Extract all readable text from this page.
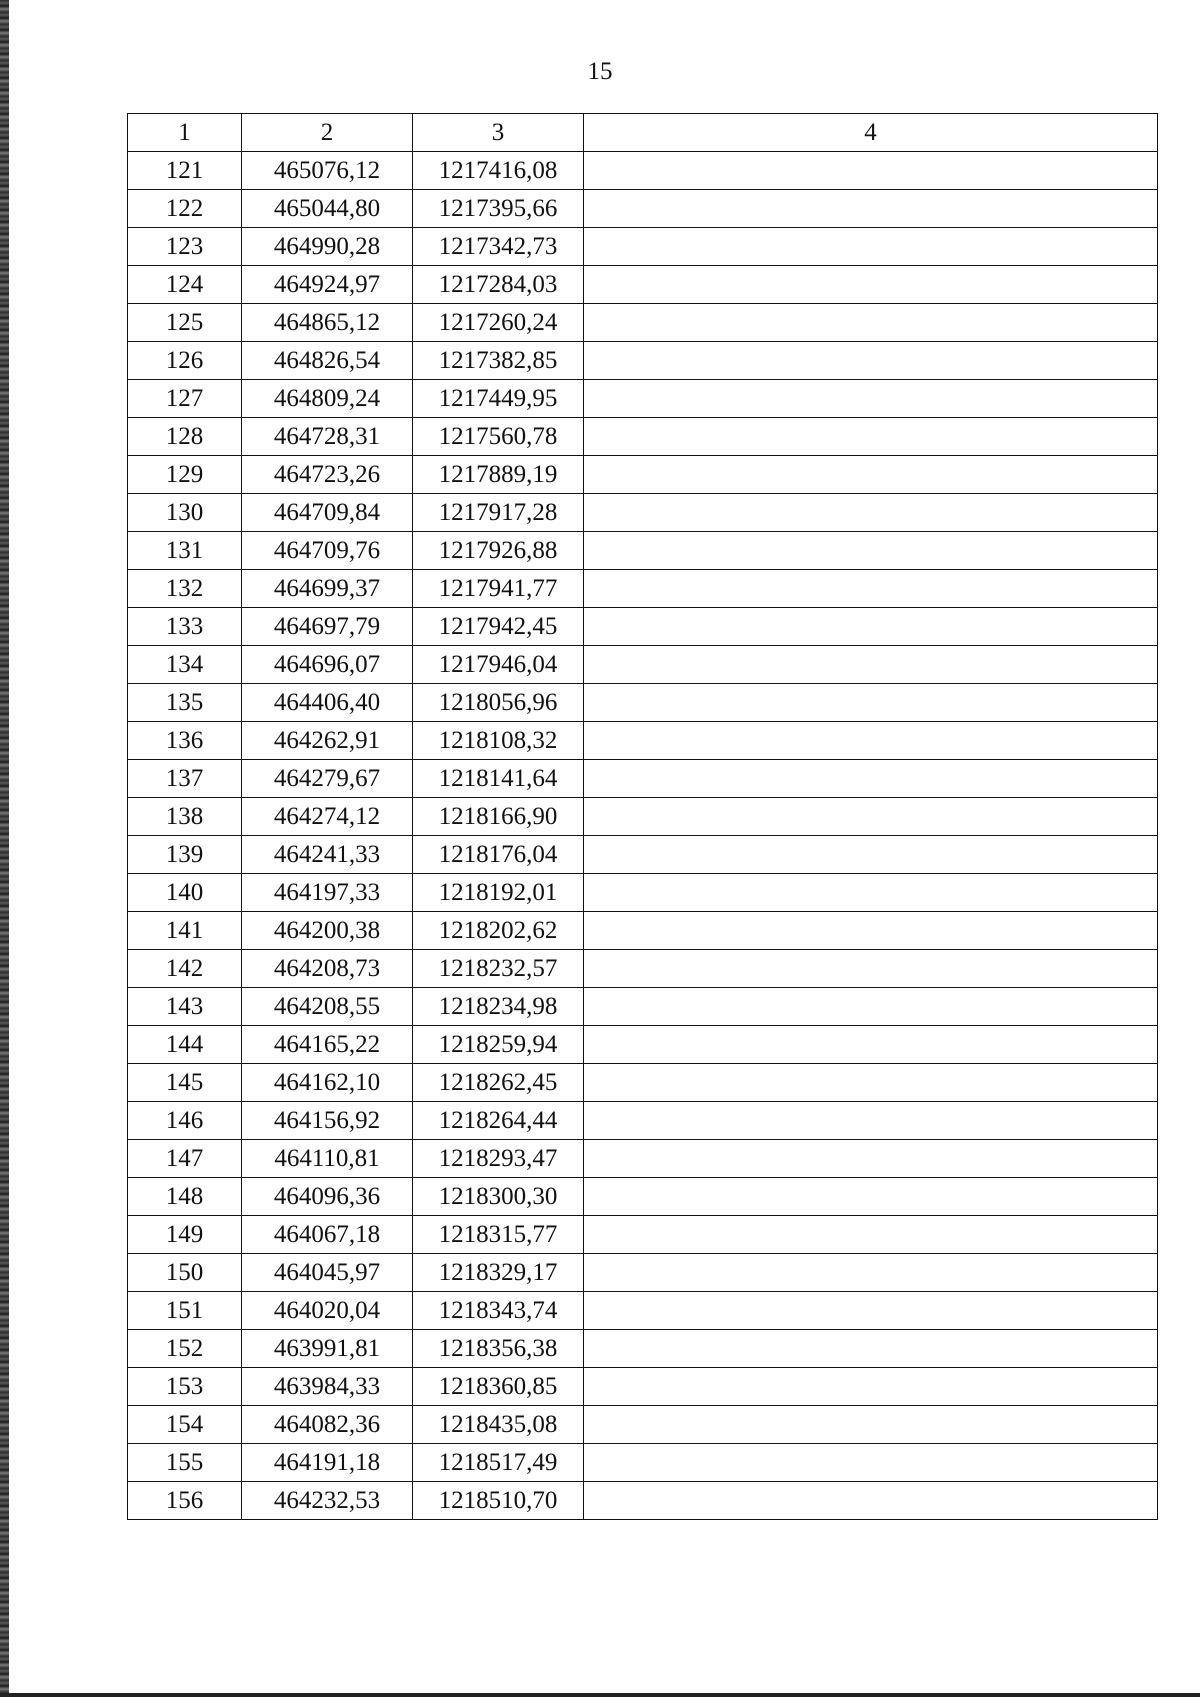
15
1	2	3	4
121	465076,12	1217416,08	
122	465044,80	1217395,66	
123	464990,28	1217342,73	
124	464924,97	1217284,03	
125	464865,12	1217260,24	
126	464826,54	1217382,85	
127	464809,24	1217449,95	
128	464728,31	1217560,78	
129	464723,26	1217889,19	
130	464709,84	1217917,28	
131	464709,76	1217926,88	
132	464699,37	1217941,77	
133	464697,79	1217942,45	
134	464696,07	1217946,04	
135	464406,40	1218056,96	
136	464262,91	1218108,32	
137	464279,67	1218141,64	
138	464274,12	1218166,90	
139	464241,33	1218176,04	
140	464197,33	1218192,01	
141	464200,38	1218202,62	
142	464208,73	1218232,57	
143	464208,55	1218234,98	
144	464165,22	1218259,94	
145	464162,10	1218262,45	
146	464156,92	1218264,44	
147	464110,81	1218293,47	
148	464096,36	1218300,30	
149	464067,18	1218315,77	
150	464045,97	1218329,17	
151	464020,04	1218343,74	
152	463991,81	1218356,38	
153	463984,33	1218360,85	
154	464082,36	1218435,08	
155	464191,18	1218517,49	
156	464232,53	1218510,70	
